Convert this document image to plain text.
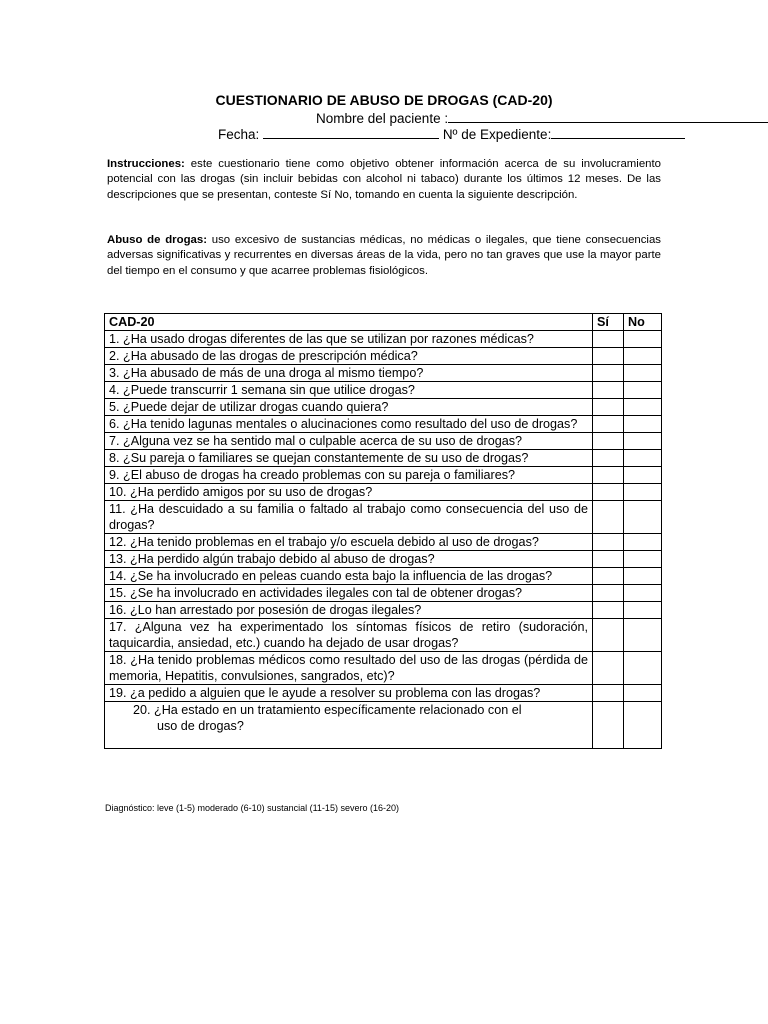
CUESTIONARIO DE ABUSO DE DROGAS (CAD-20)
Nombre del paciente :
Fecha:	Nº de Expediente:
Instrucciones: este cuestionario tiene como objetivo obtener información acerca de su involucramiento potencial con las drogas (sin incluir bebidas con alcohol ni tabaco) durante los últimos 12 meses. De las descripciones que se presentan, conteste Sí No, tomando en cuenta la siguiente descripción.
Abuso de drogas: uso excesivo de sustancias médicas, no médicas o ilegales, que tiene consecuencias adversas significativas y recurrentes en diversas áreas de la vida, pero no tan graves que use la mayor parte del tiempo en el consumo y que acarree problemas fisiológicos.
CAD-20	Sí	No
1. ¿Ha usado drogas diferentes de las que se utilizan por razones médicas?		
2. ¿Ha abusado de las drogas de prescripción médica?		
3. ¿Ha abusado de más de una droga al mismo tiempo?		
4. ¿Puede transcurrir 1 semana sin que utilice drogas?		
5. ¿Puede dejar de utilizar drogas cuando quiera?		
6. ¿Ha tenido lagunas mentales o alucinaciones como resultado del uso de drogas?		
7. ¿Alguna vez se ha sentido mal o culpable acerca de su uso de drogas?		
8. ¿Su pareja o familiares se quejan constantemente de su uso de drogas?		
9. ¿El abuso de drogas ha creado problemas con su pareja o familiares?		
10. ¿Ha perdido amigos por su uso de drogas?		
11. ¿Ha descuidado a su familia o faltado al trabajo como consecuencia del uso de drogas?		
12. ¿Ha tenido problemas en el trabajo y/o escuela debido al uso de drogas?		
13. ¿Ha perdido algún trabajo debido al abuso de drogas?		
14. ¿Se ha involucrado en peleas cuando esta bajo la influencia de las drogas?		
15. ¿Se ha involucrado en actividades ilegales con tal de obtener drogas?		
16. ¿Lo han arrestado por posesión de drogas ilegales?		
17. ¿Alguna vez ha experimentado los síntomas físicos de retiro (sudoración, taquicardia, ansiedad, etc.) cuando ha dejado de usar drogas?		
18. ¿Ha tenido problemas médicos como resultado del uso de las drogas (pérdida de memoria, Hepatitis, convulsiones, sangrados, etc)?		
19. ¿a pedido a alguien que le ayude a resolver su problema con las drogas?		
20. ¿Ha estado en un tratamiento específicamente relacionado con el
uso de drogas?		

Diagnóstico: leve (1-5) moderado (6-10) sustancial (11-15) severo (16-20)
